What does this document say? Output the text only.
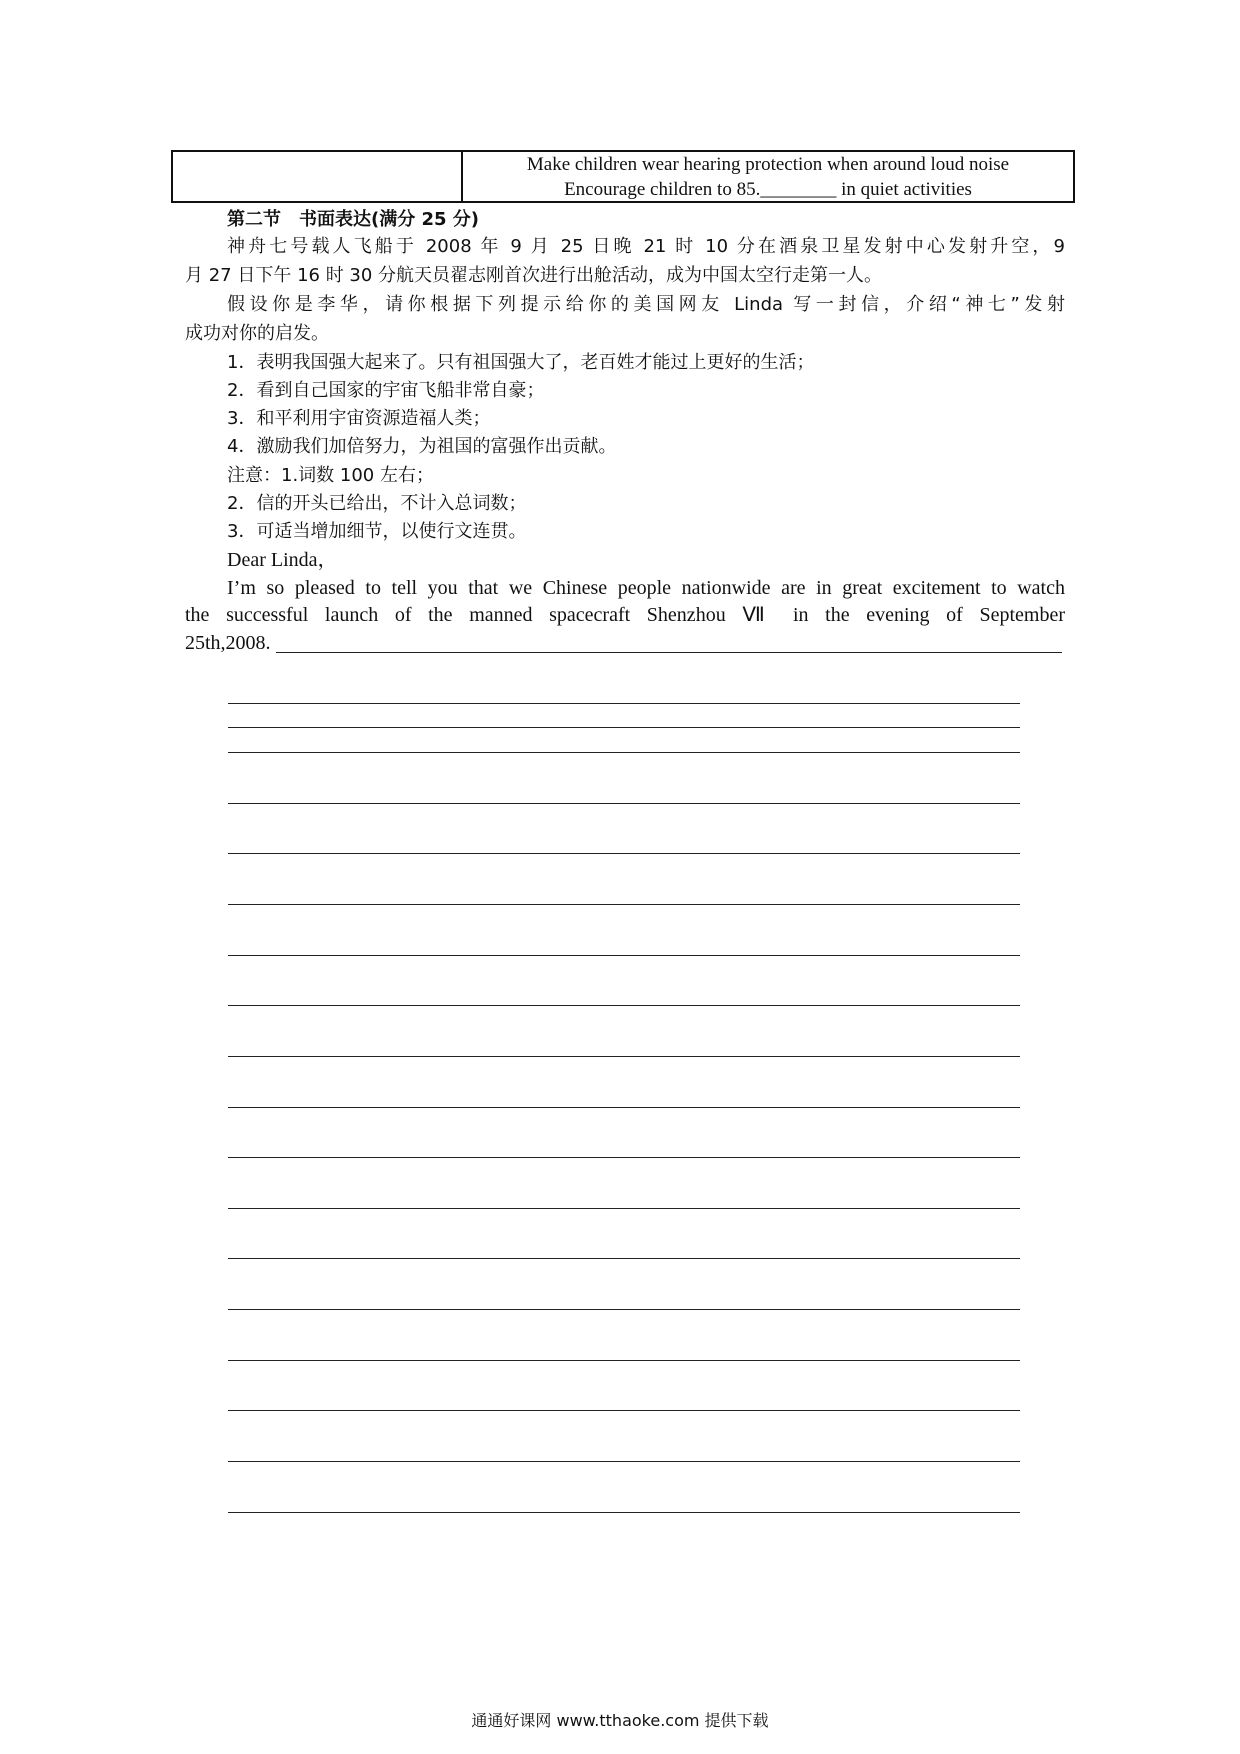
Make children wear hearing protection when around loud noise
Encourage children to 85.________ in quiet activities
第二节　书面表达(满分 25 分)
神舟七号载人飞船于 2008 年 9 月 25 日晚 21 时 10 分在酒泉卫星发射中心发射升空，9
月 27 日下午 16 时 30 分航天员翟志刚首次进行出舱活动，成为中国太空行走第一人。
假设你是李华，请你根据下列提示给你的美国网友 Linda 写一封信，介绍“神七”发射
成功对你的启发。
1．表明我国强大起来了。只有祖国强大了，老百姓才能过上更好的生活；
2．看到自己国家的宇宙飞船非常自豪；
3．和平利用宇宙资源造福人类；
4．激励我们加倍努力，为祖国的富强作出贡献。
注意：1.词数 100 左右；
2．信的开头已给出，不计入总词数；
3．可适当增加细节，以使行文连贯。
Dear Linda，
I’m so pleased to tell you that we Chinese people nationwide are in great excitement to watch
the successful launch of the manned spacecraft Shenzhou Ⅶ in the evening of September
25th,2008.
通通好课网 www.tthaoke.com 提供下载
